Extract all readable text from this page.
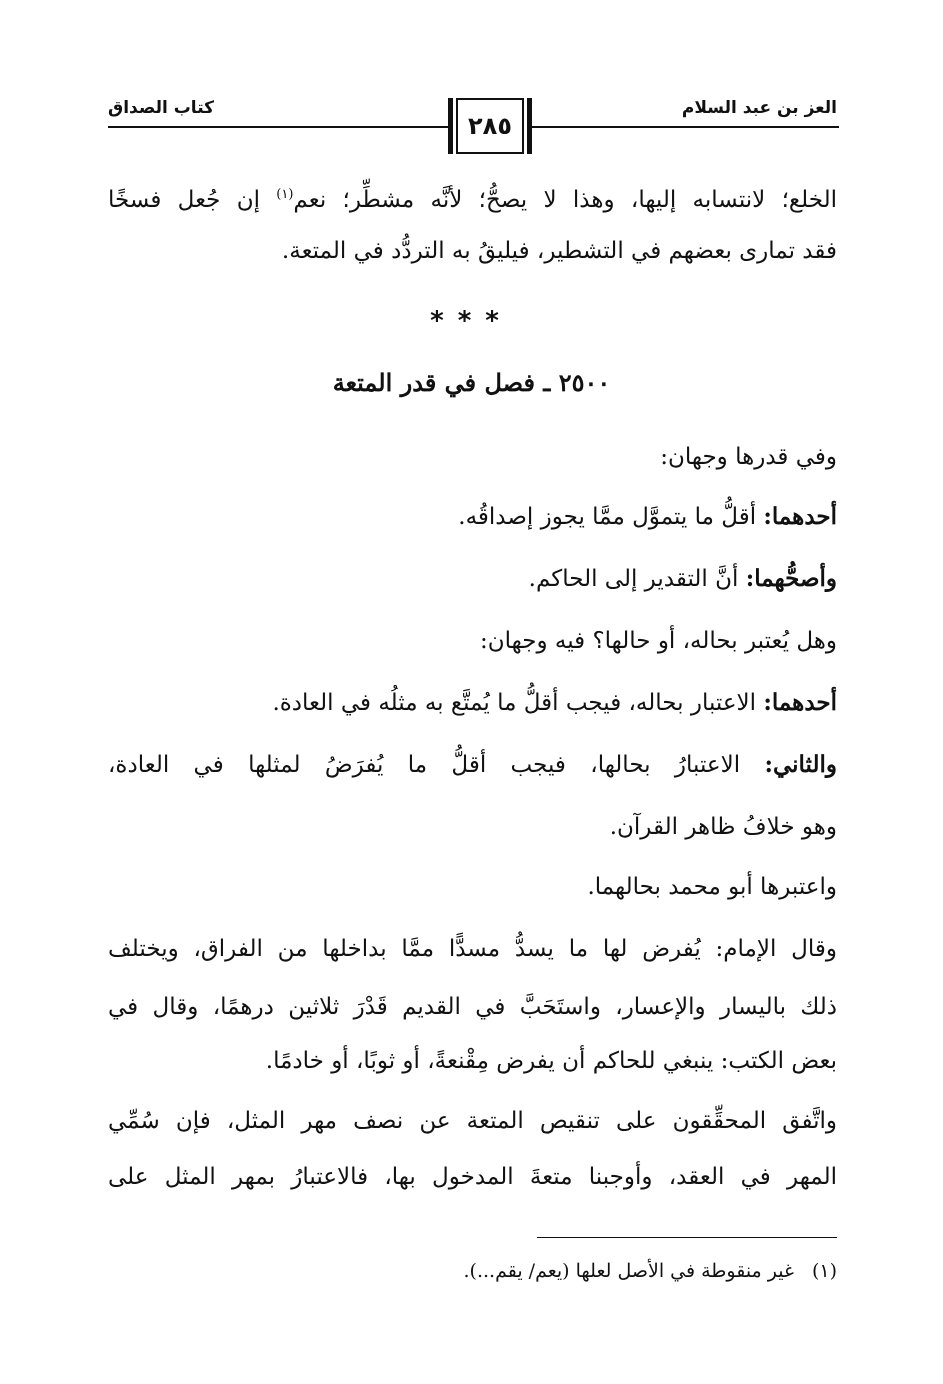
العز بن عبد السلام
كتاب الصداق
٢٨٥
الخلع؛ لانتسابه إليها، وهذا لا يصحُّ؛ لأنَّه مشطِّر؛ نعم$^{(١)}$ إن جُعل فسخًا
فقد تمارى بعضهم في التشطير، فيليقُ به التردُّد في المتعة.
***
٢٥٠٠ ـ فصل في قدر المتعة
وفي قدرها وجهان:
أحدهما: أقلُّ ما يتموَّل ممَّا يجوز إصداقُه.
وأصحُّهما: أنَّ التقدير إلى الحاكم.
وهل يُعتبر بحاله، أو حالها؟ فيه وجهان:
أحدهما: الاعتبار بحاله، فيجب أقلُّ ما يُمتَّع به مثلُه في العادة.
والثاني: الاعتبارُ بحالها، فيجب أقلُّ ما يُفرَضُ لمثلها في العادة،
وهو خلافُ ظاهر القرآن.
واعتبرها أبو محمد بحالهما.
وقال الإمام: يُفرض لها ما يسدُّ مسدًّا ممَّا بداخلها من الفراق، ويختلف
ذلك باليسار والإعسار، واستَحَبَّ في القديم قَدْرَ ثلاثين درهمًا، وقال في
بعض الكتب: ينبغي للحاكم أن يفرض مِقْنعةً، أو ثوبًا، أو خادمًا.
واتَّفق المحقِّقون على تنقيص المتعة عن نصف مهر المثل، فإن سُمِّي
المهر في العقد، وأوجبنا متعةَ المدخول بها، فالاعتبارُ بمهر المثل على
(١)غير منقوطة في الأصل لعلها (يعم/ يقم...).
